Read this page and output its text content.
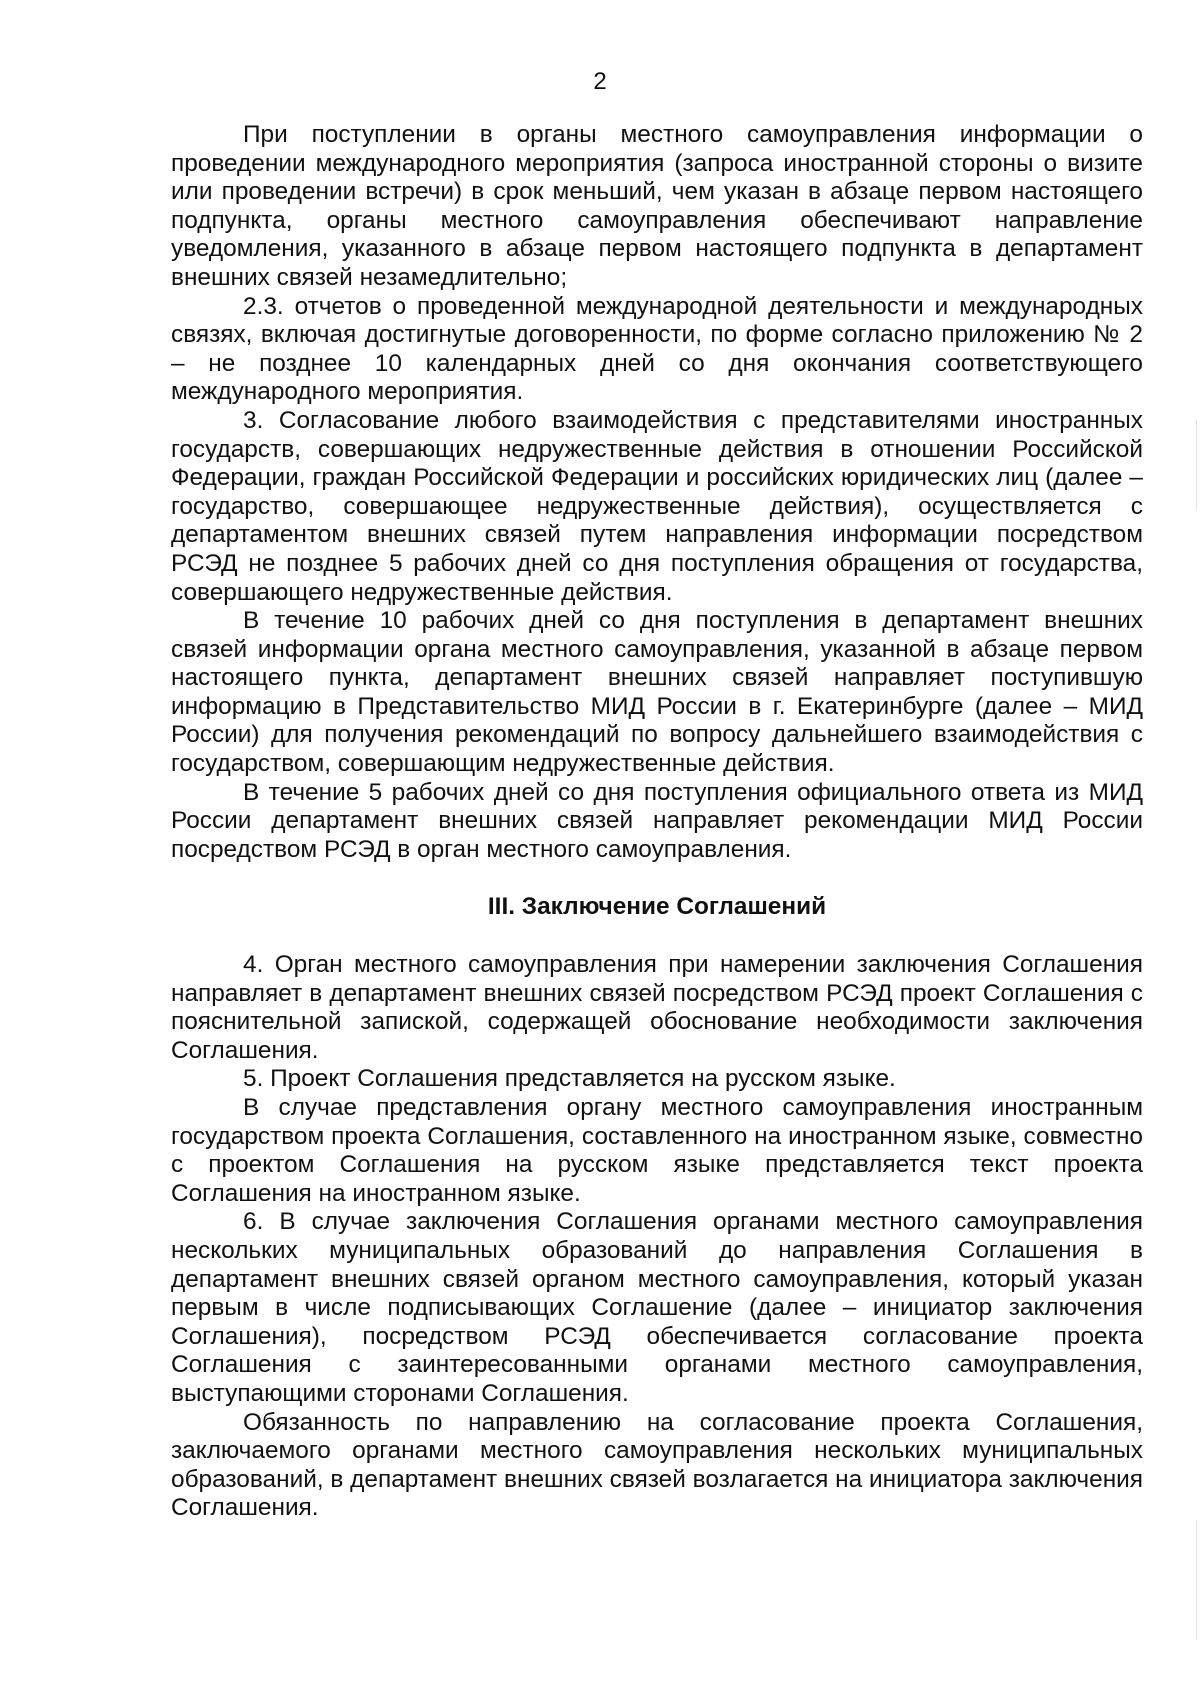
2

При поступлении в органы местного самоуправления информации о проведении международного мероприятия (запроса иностранной стороны о визите или проведении встречи) в срок меньший, чем указан в абзаце первом настоящего подпункта, органы местного самоуправления обеспечивают направление уведомления, указанного в абзаце первом настоящего подпункта в департамент внешних связей незамедлительно;

2.3. отчетов о проведенной международной деятельности и международных связях, включая достигнутые договоренности, по форме согласно приложению № 2 – не позднее 10 календарных дней со дня окончания соответствующего международного мероприятия.

3. Согласование любого взаимодействия с представителями иностранных государств, совершающих недружественные действия в отношении Российской Федерации, граждан Российской Федерации и российских юридических лиц (далее – государство, совершающее недружественные действия), осуществляется с департаментом внешних связей путем направления информации посредством РСЭД не позднее 5 рабочих дней со дня поступления обращения от государства, совершающего недружественные действия.

В течение 10 рабочих дней со дня поступления в департамент внешних связей информации органа местного самоуправления, указанной в абзаце первом настоящего пункта, департамент внешних связей направляет поступившую информацию в Представительство МИД России в г. Екатеринбурге (далее – МИД России) для получения рекомендаций по вопросу дальнейшего взаимодействия с государством, совершающим недружественные действия.

В течение 5 рабочих дней со дня поступления официального ответа из МИД России департамент внешних связей направляет рекомендации МИД России посредством РСЭД в орган местного самоуправления.

III. Заключение Соглашений

4. Орган местного самоуправления при намерении заключения Соглашения направляет в департамент внешних связей посредством РСЭД проект Соглашения с пояснительной запиской, содержащей обоснование необходимости заключения Соглашения.

5. Проект Соглашения представляется на русском языке.

В случае представления органу местного самоуправления иностранным государством проекта Соглашения, составленного на иностранном языке, совместно с проектом Соглашения на русском языке представляется текст проекта Соглашения на иностранном языке.

6. В случае заключения Соглашения органами местного самоуправления нескольких муниципальных образований до направления Соглашения в департамент внешних связей органом местного самоуправления, который указан первым в числе подписывающих Соглашение (далее – инициатор заключения Соглашения), посредством РСЭД обеспечивается согласование проекта Соглашения с заинтересованными органами местного самоуправления, выступающими сторонами Соглашения.

Обязанность по направлению на согласование проекта Соглашения, заключаемого органами местного самоуправления нескольких муниципальных образований, в департамент внешних связей возлагается на инициатора заключения Соглашения.
